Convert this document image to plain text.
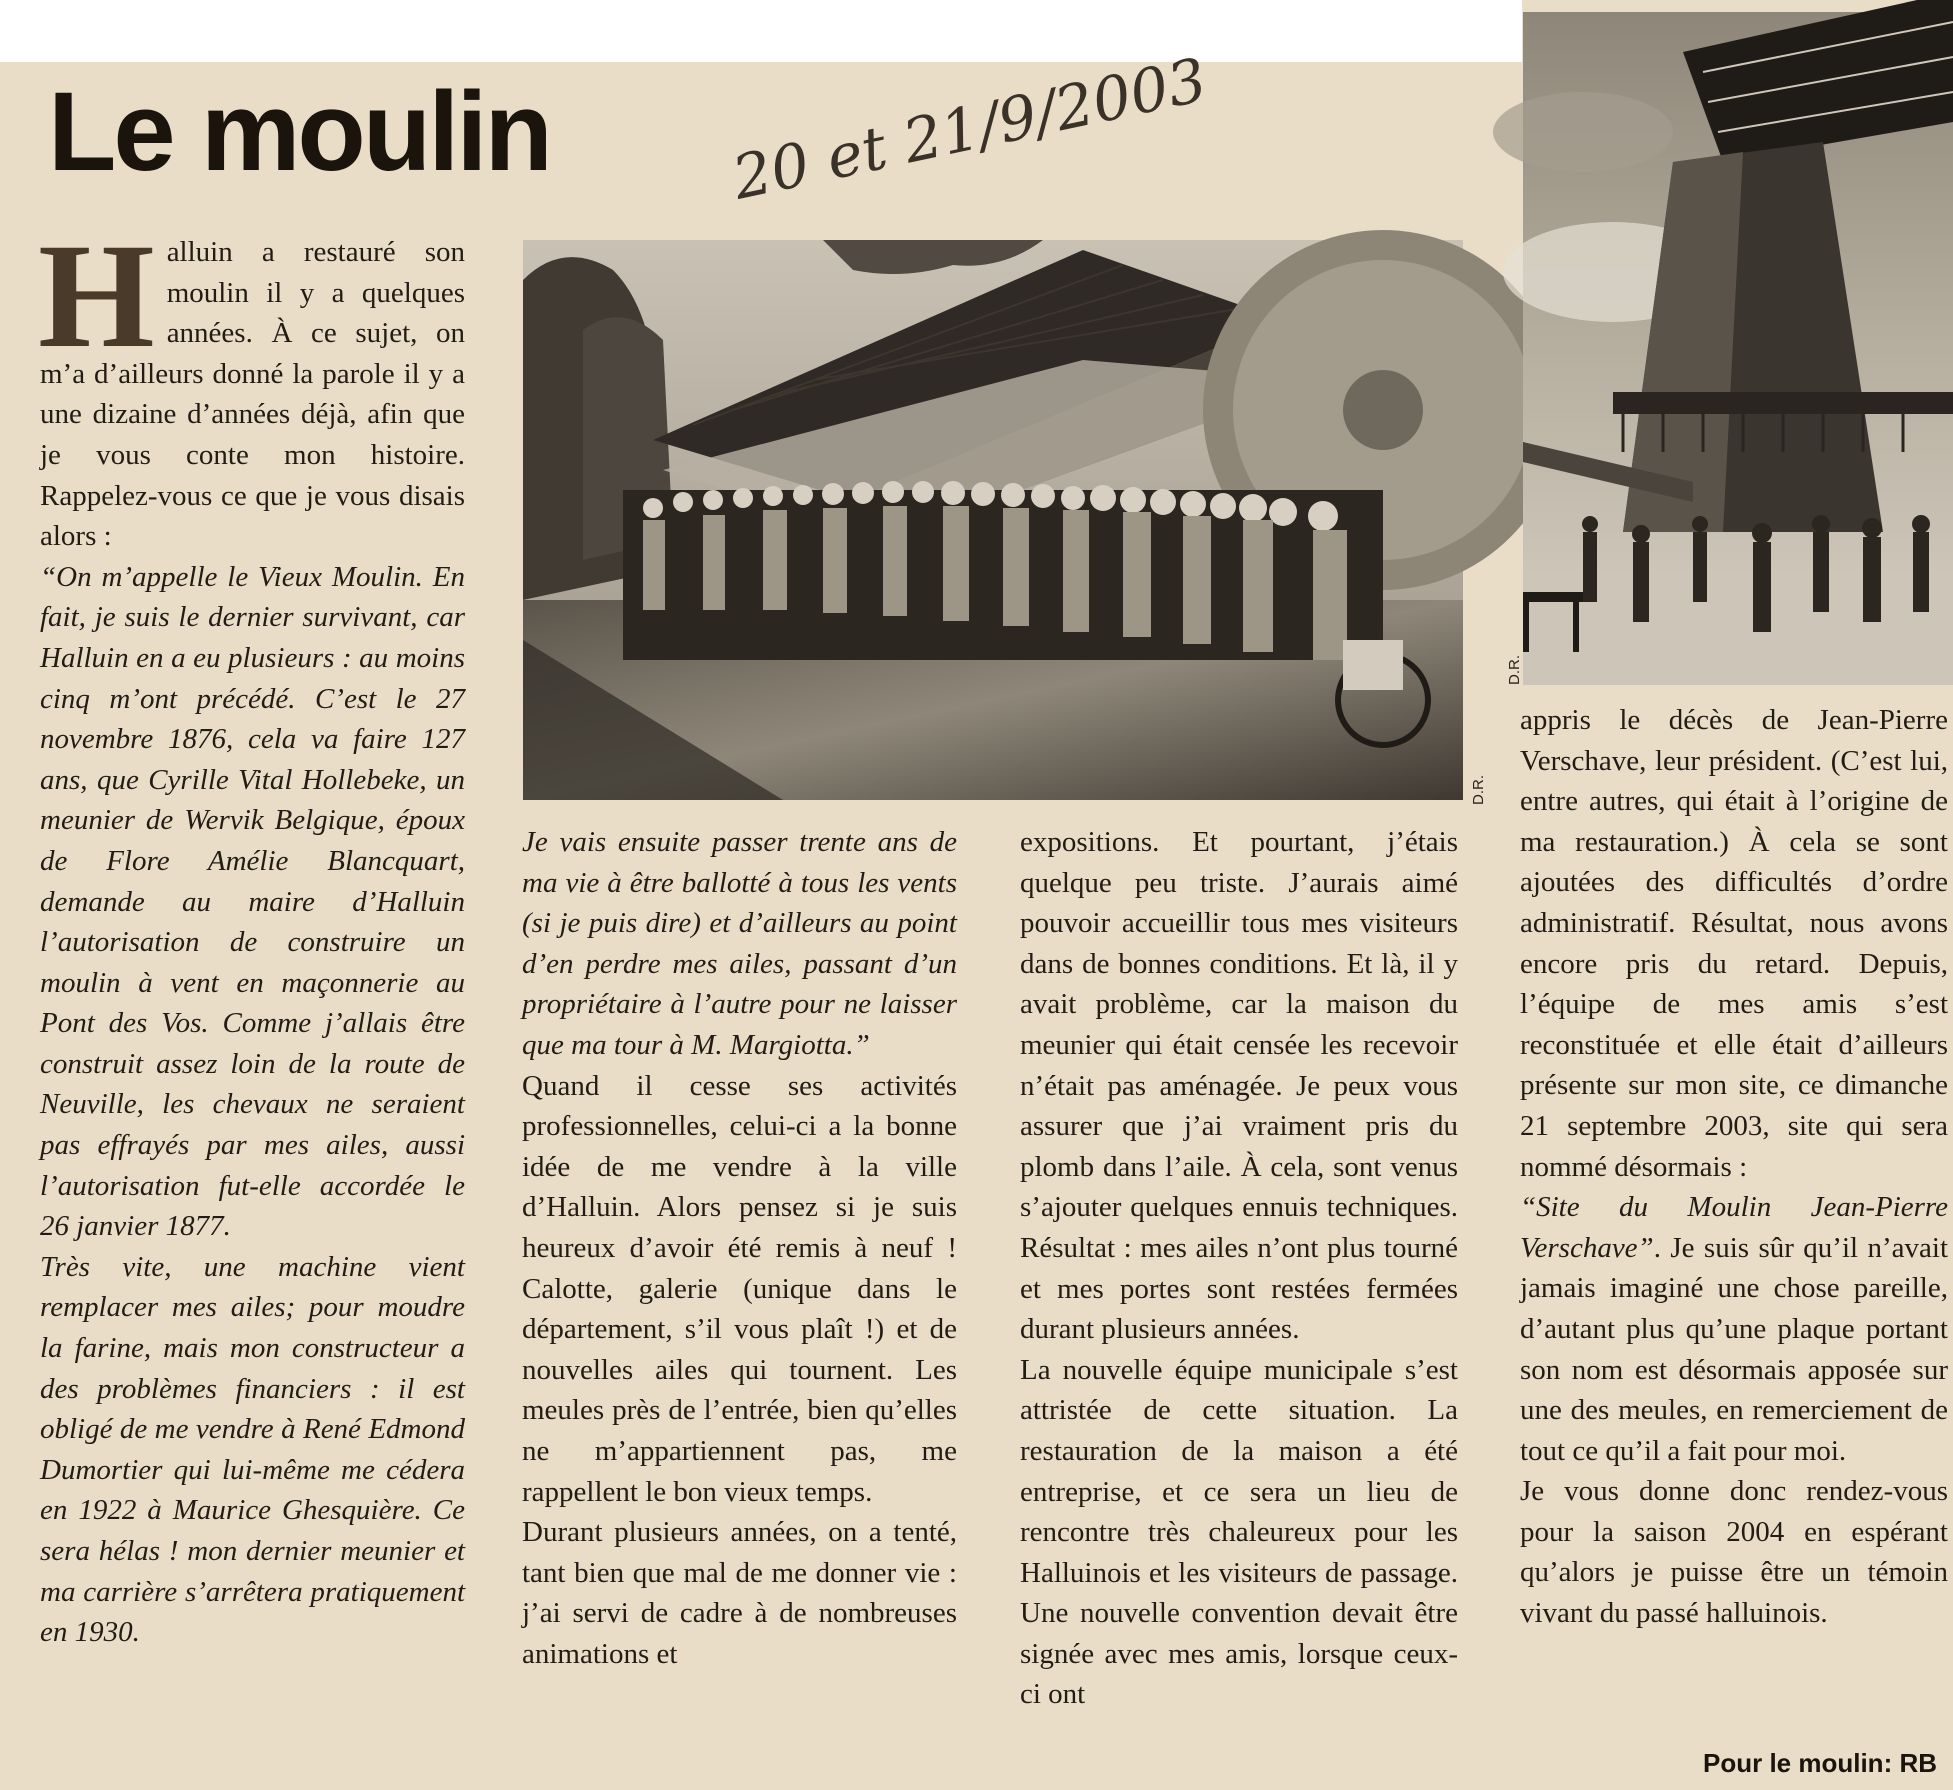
Le moulin	20 et 21/9/2003
D.R.
D.R.

Halluin a restauré son moulin il y a quelques années. À ce sujet, on m’a d’ailleurs donné la parole il y a une dizaine d’années déjà, afin que je vous conte mon histoire. Rappelez-vous ce que je vous disais alors :

“On m’appelle le Vieux Moulin. En fait, je suis le dernier survivant, car Halluin en a eu plusieurs : au moins cinq m’ont précédé. C’est le 27 novembre 1876, cela va faire 127 ans, que Cyrille Vital Hollebeke, un meunier de Wervik Belgique, époux de Flore Amélie Blancquart, demande au maire d’Halluin l’autorisation de construire un moulin à vent en maçonnerie au Pont des Vos. Comme j’allais être construit assez loin de la route de Neuville, les chevaux ne seraient pas effrayés par mes ailes, aussi l’autorisation fut-elle accordée le 26 janvier 1877.

Très vite, une machine vient remplacer mes ailes; pour moudre la farine, mais mon constructeur a des problèmes financiers : il est obligé de me vendre à René Edmond Dumortier qui lui-même me cédera en 1922 à Maurice Ghesquière. Ce sera hélas ! mon dernier meunier et ma carrière s’arrêtera pratiquement en 1930.

Je vais ensuite passer trente ans de ma vie à être ballotté à tous les vents (si je puis dire) et d’ailleurs au point d’en perdre mes ailes, passant d’un propriétaire à l’autre pour ne laisser que ma tour à M. Margiotta.”

Quand il cesse ses activités professionnelles, celui-ci a la bonne idée de me vendre à la ville d’Halluin. Alors pensez si je suis heureux d’avoir été remis à neuf ! Calotte, galerie (unique dans le département, s’il vous plaît !) et de nouvelles ailes qui tournent. Les meules près de l’entrée, bien qu’elles ne m’appartiennent pas, me rappellent le bon vieux temps.

Durant plusieurs années, on a tenté, tant bien que mal de me donner vie : j’ai servi de cadre à de nombreuses animations et

expositions. Et pourtant, j’étais quelque peu triste. J’aurais aimé pouvoir accueillir tous mes visiteurs dans de bonnes conditions. Et là, il y avait problème, car la maison du meunier qui était censée les recevoir n’était pas aménagée. Je peux vous assurer que j’ai vraiment pris du plomb dans l’aile. À cela, sont venus s’ajouter quelques ennuis techniques. Résultat : mes ailes n’ont plus tourné et mes portes sont restées fermées durant plusieurs années.

La nouvelle équipe municipale s’est attristée de cette situation. La restauration de la maison a été entreprise, et ce sera un lieu de rencontre très chaleureux pour les Halluinois et les visiteurs de passage. Une nouvelle convention devait être signée avec mes amis, lorsque ceux-ci ont

appris le décès de Jean-Pierre Verschave, leur président. (C’est lui, entre autres, qui était à l’origine de ma restauration.) À cela se sont ajoutées des difficultés d’ordre administratif. Résultat, nous avons encore pris du retard. Depuis, l’équipe de mes amis s’est reconstituée et elle était d’ailleurs présente sur mon site, ce dimanche 21 septembre 2003, site qui sera nommé désormais :

“Site du Moulin Jean-Pierre Verschave”. Je suis sûr qu’il n’avait jamais imaginé une chose pareille, d’autant plus qu’une plaque portant son nom est désormais apposée sur une des meules, en remerciement de tout ce qu’il a fait pour moi.

Je vous donne donc rendez-vous pour la saison 2004 en espérant qu’alors je puisse être un témoin vivant du passé halluinois.

Pour le moulin: RB
